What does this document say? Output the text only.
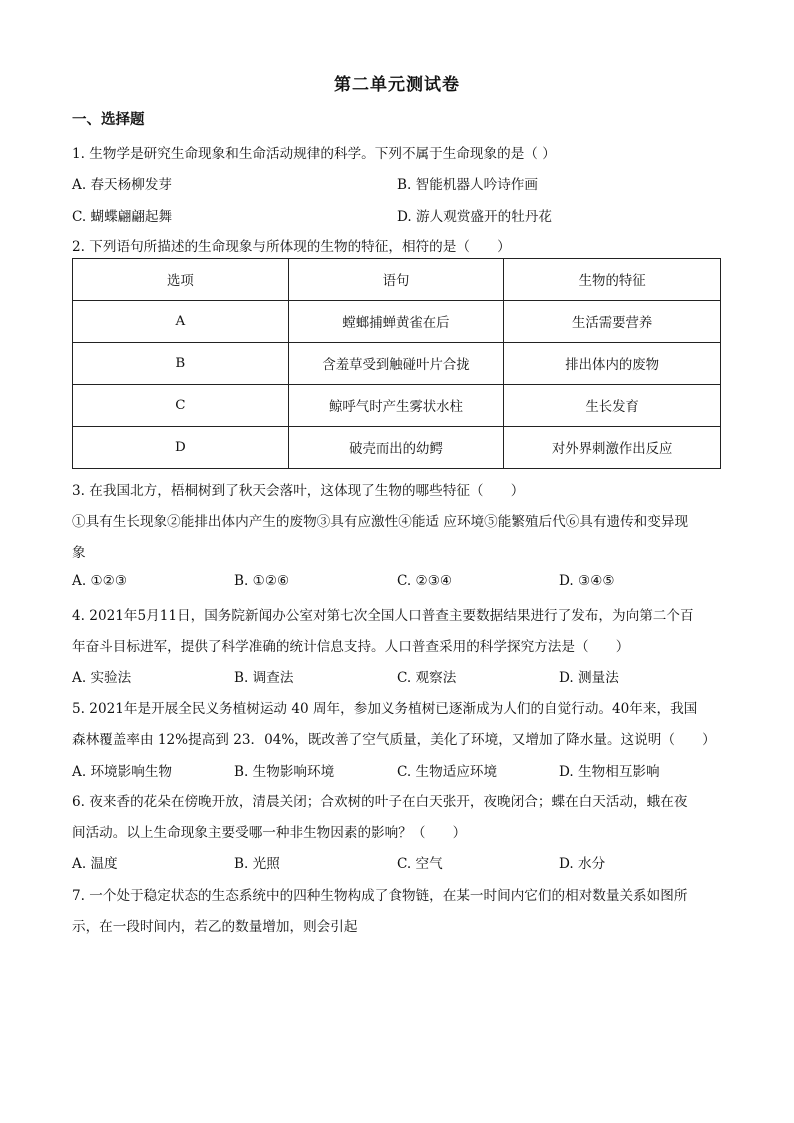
第二单元测试卷
一、选择题
1. 生物学是研究生命现象和生命活动规律的科学。下列不属于生命现象的是（ ）
A. 春天杨柳发芽	B. 智能机器人吟诗作画
C. 蝴蝶翩翩起舞	D. 游人观赏盛开的牡丹花
2. 下列语句所描述的生命现象与所体现的生物的特征，相符的是（　　）
选项	语句	生物的特征
A	螳螂捕蝉黄雀在后	生活需要营养
B	含羞草受到触碰叶片合拢	排出体内的废物
C	鲸呼气时产生雾状水柱	生长发育
D	破壳而出的幼鳄	对外界刺激作出反应
3. 在我国北方，梧桐树到了秋天会落叶，这体现了生物的哪些特征（　　）
①具有生长现象②能排出体内产生的废物③具有应激性④能适 应环境⑤能繁殖后代⑥具有遗传和变异现
象
A. ①②③	B. ①②⑥	C. ②③④	D. ③④⑤
4. 2021年5月11日，国务院新闻办公室对第七次全国人口普查主要数据结果进行了发布，为向第二个百
年奋斗目标进军，提供了科学准确的统计信息支持。人口普查采用的科学探究方法是（　　）
A. 实验法	B. 调查法	C. 观察法	D. 测量法
5. 2021年是开展全民义务植树运动 40 周年，参加义务植树已逐渐成为人们的自觉行动。40年来，我国
森林覆盖率由 12%提高到 23．04%，既改善了空气质量，美化了环境，又增加了降水量。这说明（　　）
A. 环境影响生物	B. 生物影响环境	C. 生物适应环境	D. 生物相互影响
6. 夜来香的花朵在傍晚开放，清晨关闭；合欢树的叶子在白天张开，夜晚闭合；蝶在白天活动，蛾在夜
间活动。以上生命现象主要受哪一种非生物因素的影响？（　　）
A. 温度	B. 光照	C. 空气	D. 水分
7. 一个处于稳定状态的生态系统中的四种生物构成了食物链，在某一时间内它们的相对数量关系如图所
示，在一段时间内，若乙的数量增加，则会引起
